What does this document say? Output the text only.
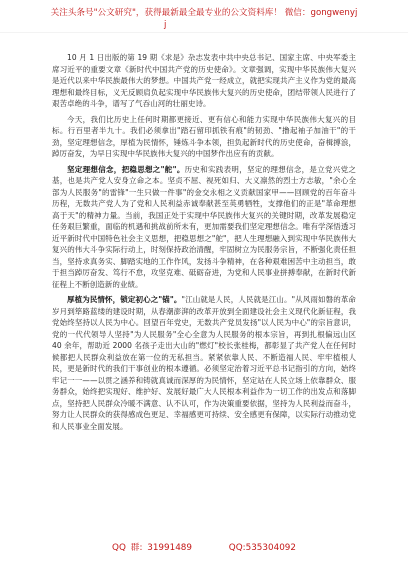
关注头条号"公文研究"，获得最新最全最专业的公文资料库！ 微信：gongwenyj
j

10 月 1 日出版的第 19 期《求是》杂志发表中共中央总书记、国家主席、中央军委主席习近平的重要文章《新时代中国共产党的历史使命》。文章强调，实现中华民族伟大复兴是近代以来中华民族最伟大的梦想。中国共产党一经成立，就把实现共产主义作为党的最高理想和最终目标，义无反顾肩负起实现中华民族伟大复兴的历史使命，团结带领人民进行了艰苦卓绝的斗争，谱写了气吞山河的壮丽史诗。

今天，我们比历史上任何时期都更接近、更有信心和能力实现中华民族伟大复兴的目标。行百里者半九十。我们必须拿出"踏石留印抓铁有痕"的韧劲、"撸起袖子加油干"的干劲，坚定理想信念，厚植为民情怀，锤炼斗争本领，担负起新时代的历史使命，奋楫搏浪，踔厉奋发，为早日实现中华民族伟大复兴的中国梦作出应有的贡献。

坚定理想信念，把稳思想之"舵"。历史和实践表明，坚定的理想信念，是立党兴党之基，也是共产党人安身立命之本。坚贞不屈、视死如归、大义凛然的烈士方志敏，"余心全部为人民服务"的雷锋"一生只做一件事"的金交永相之义贡献国家甲——回顾党的百年奋斗历程，无数共产党人为了党和人民利益赤诚奉献甚至英勇牺牲，支撑他们的正是"革命理想高于天"的精神力量。当前，我国正处于实现中华民族伟大复兴的关键时期，改革发展稳定任务艰巨繁重，面临的机遇和挑战前所未有，更加需要我们坚定理想信念。唯有学深悟透习近平新时代中国特色社会主义思想，把稳思想之"舵"，把人生理想融入到实现中华民族伟大复兴的伟大斗争实际行动上，时刻保持政治清醒，牢固树立为民服务宗旨，不断强化责任担当，坚持求真务实、脚踏实地的工作作风，发扬斗争精神，在各种艰难困苦中主动担当，敢于担当踔厉奋发、笃行不怠，攻坚克难、砥砺奋进，为党和人民事业拼搏奉献，在新时代新征程上不断创造新的业绩。

厚植为民情怀，锁定初心之"锚"。"江山就是人民，人民就是江山。"从风雨如磐的革命岁月到筚路蓝缕的建设时期，从春潮澎湃的改革开放到全面建设社会主义现代化新征程，我党始终坚持以人民为中心。回望百年党史，无数共产党员发扬"以人民为中心"的宗旨意识，党的一代代领导人坚持"为人民服务"全心全意为人民服务的根本宗旨，再到扎根偏远山区 40 余年，帮助近 2000 名孩子走出大山的"燃灯"校长张桂梅，都彰显了共产党人在任何时候都把人民群众利益放在第一位的无私担当。紧紧依靠人民、不断造福人民、牢牢植根人民，更是新时代的我们干事创业的根本遵循。必须坚定治着习近平总书记指引的方向，始终牢记一一——以贯之涵养和铸就真诚而深厚的为民情怀，坚定站在人民立场上依靠群众、服务群众，始终把实现好、维护好、发展好最广大人民根本利益作为一切工作的出发点和落脚点，坚持把人民群众冷暖不满意、认不认可，作为决策重要依据，坚持为人民利益而奋斗，努力让人民群众的获得感成色更足、幸福感更可持续、安全感更有保障，以实际行动推动党和人民事业全面发展。

QQ 群: 31991489	QQ:535304092
